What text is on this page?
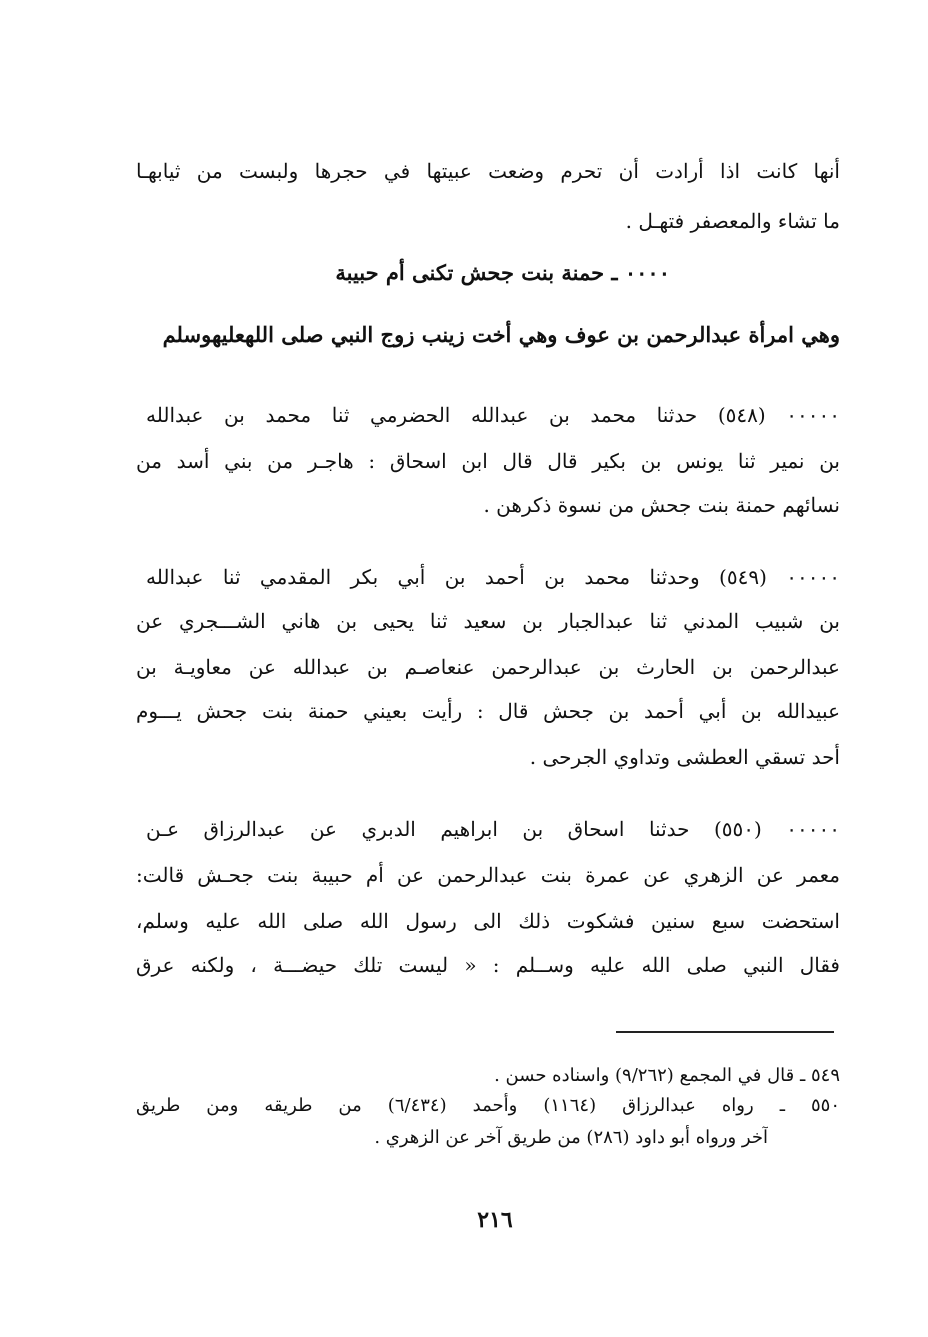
أنها كانت اذا أرادت أن تحرم وضعت عبيتها في حجرها ولبست من ثيابهـا
ما تشاء والمعصفر فتهـل .
٠٠٠٠ ـ حمنة بنت جحش تكنى أم حبيبة
وهي امرأة عبدالرحمن بن عوف وهي أخت زينب زوج النبي صلى اللهعليهوسلم
٠٠٠٠٠ (٥٤٨) حدثنا محمد بن عبدالله الحضرمي ثنا محمد بن عبدالله
بن نمير ثنا يونس بن بكير قال قال ابن اسحاق : هاجـر من بني أسد من
نسائهم حمنة بنت جحش من نسوة ذكرهن .
٠٠٠٠٠ (٥٤٩) وحدثنا محمد بن أحمد بن أبي بكر المقدمي ثنا عبدالله
بن شبيب المدني ثنا عبدالجبار بن سعيد ثنا يحيى بن هاني الشـــجري عن
عبدالرحمن بن الحارث بن عبدالرحمن عنعاصـم بن عبدالله عن معاويـة بن
عبيدالله بن أبي أحمد بن جحش قال : رأيت بعيني حمنة بنت جحش يـــوم
أحد تسقي العطشى وتداوي الجرحى .
٠٠٠٠٠ (٥٥٠) حدثنا اسحاق بن ابراهيم الدبري عن عبدالرزاق عـن
معمر عن الزهري عن عمرة بنت عبدالرحمن عن أم حبيبة بنت جحـش قالت:
استحضت سبع سنين فشكوت ذلك الى رسول الله صلى الله عليه وسلم،
فقال النبي صلى الله عليه وســلم : « ليست تلك حيضـــة ، ولكنه عرق
٥٤٩ ـ قال في المجمع (٩/٢٦٢) واسناده حسن .
٥٥٠ ـ رواه عبدالرزاق (١١٦٤) وأحمد (٦/٤٣٤) من طريقه ومن طريق
آخر ورواه أبو داود (٢٨٦) من طريق آخر عن الزهري .
٢١٦
